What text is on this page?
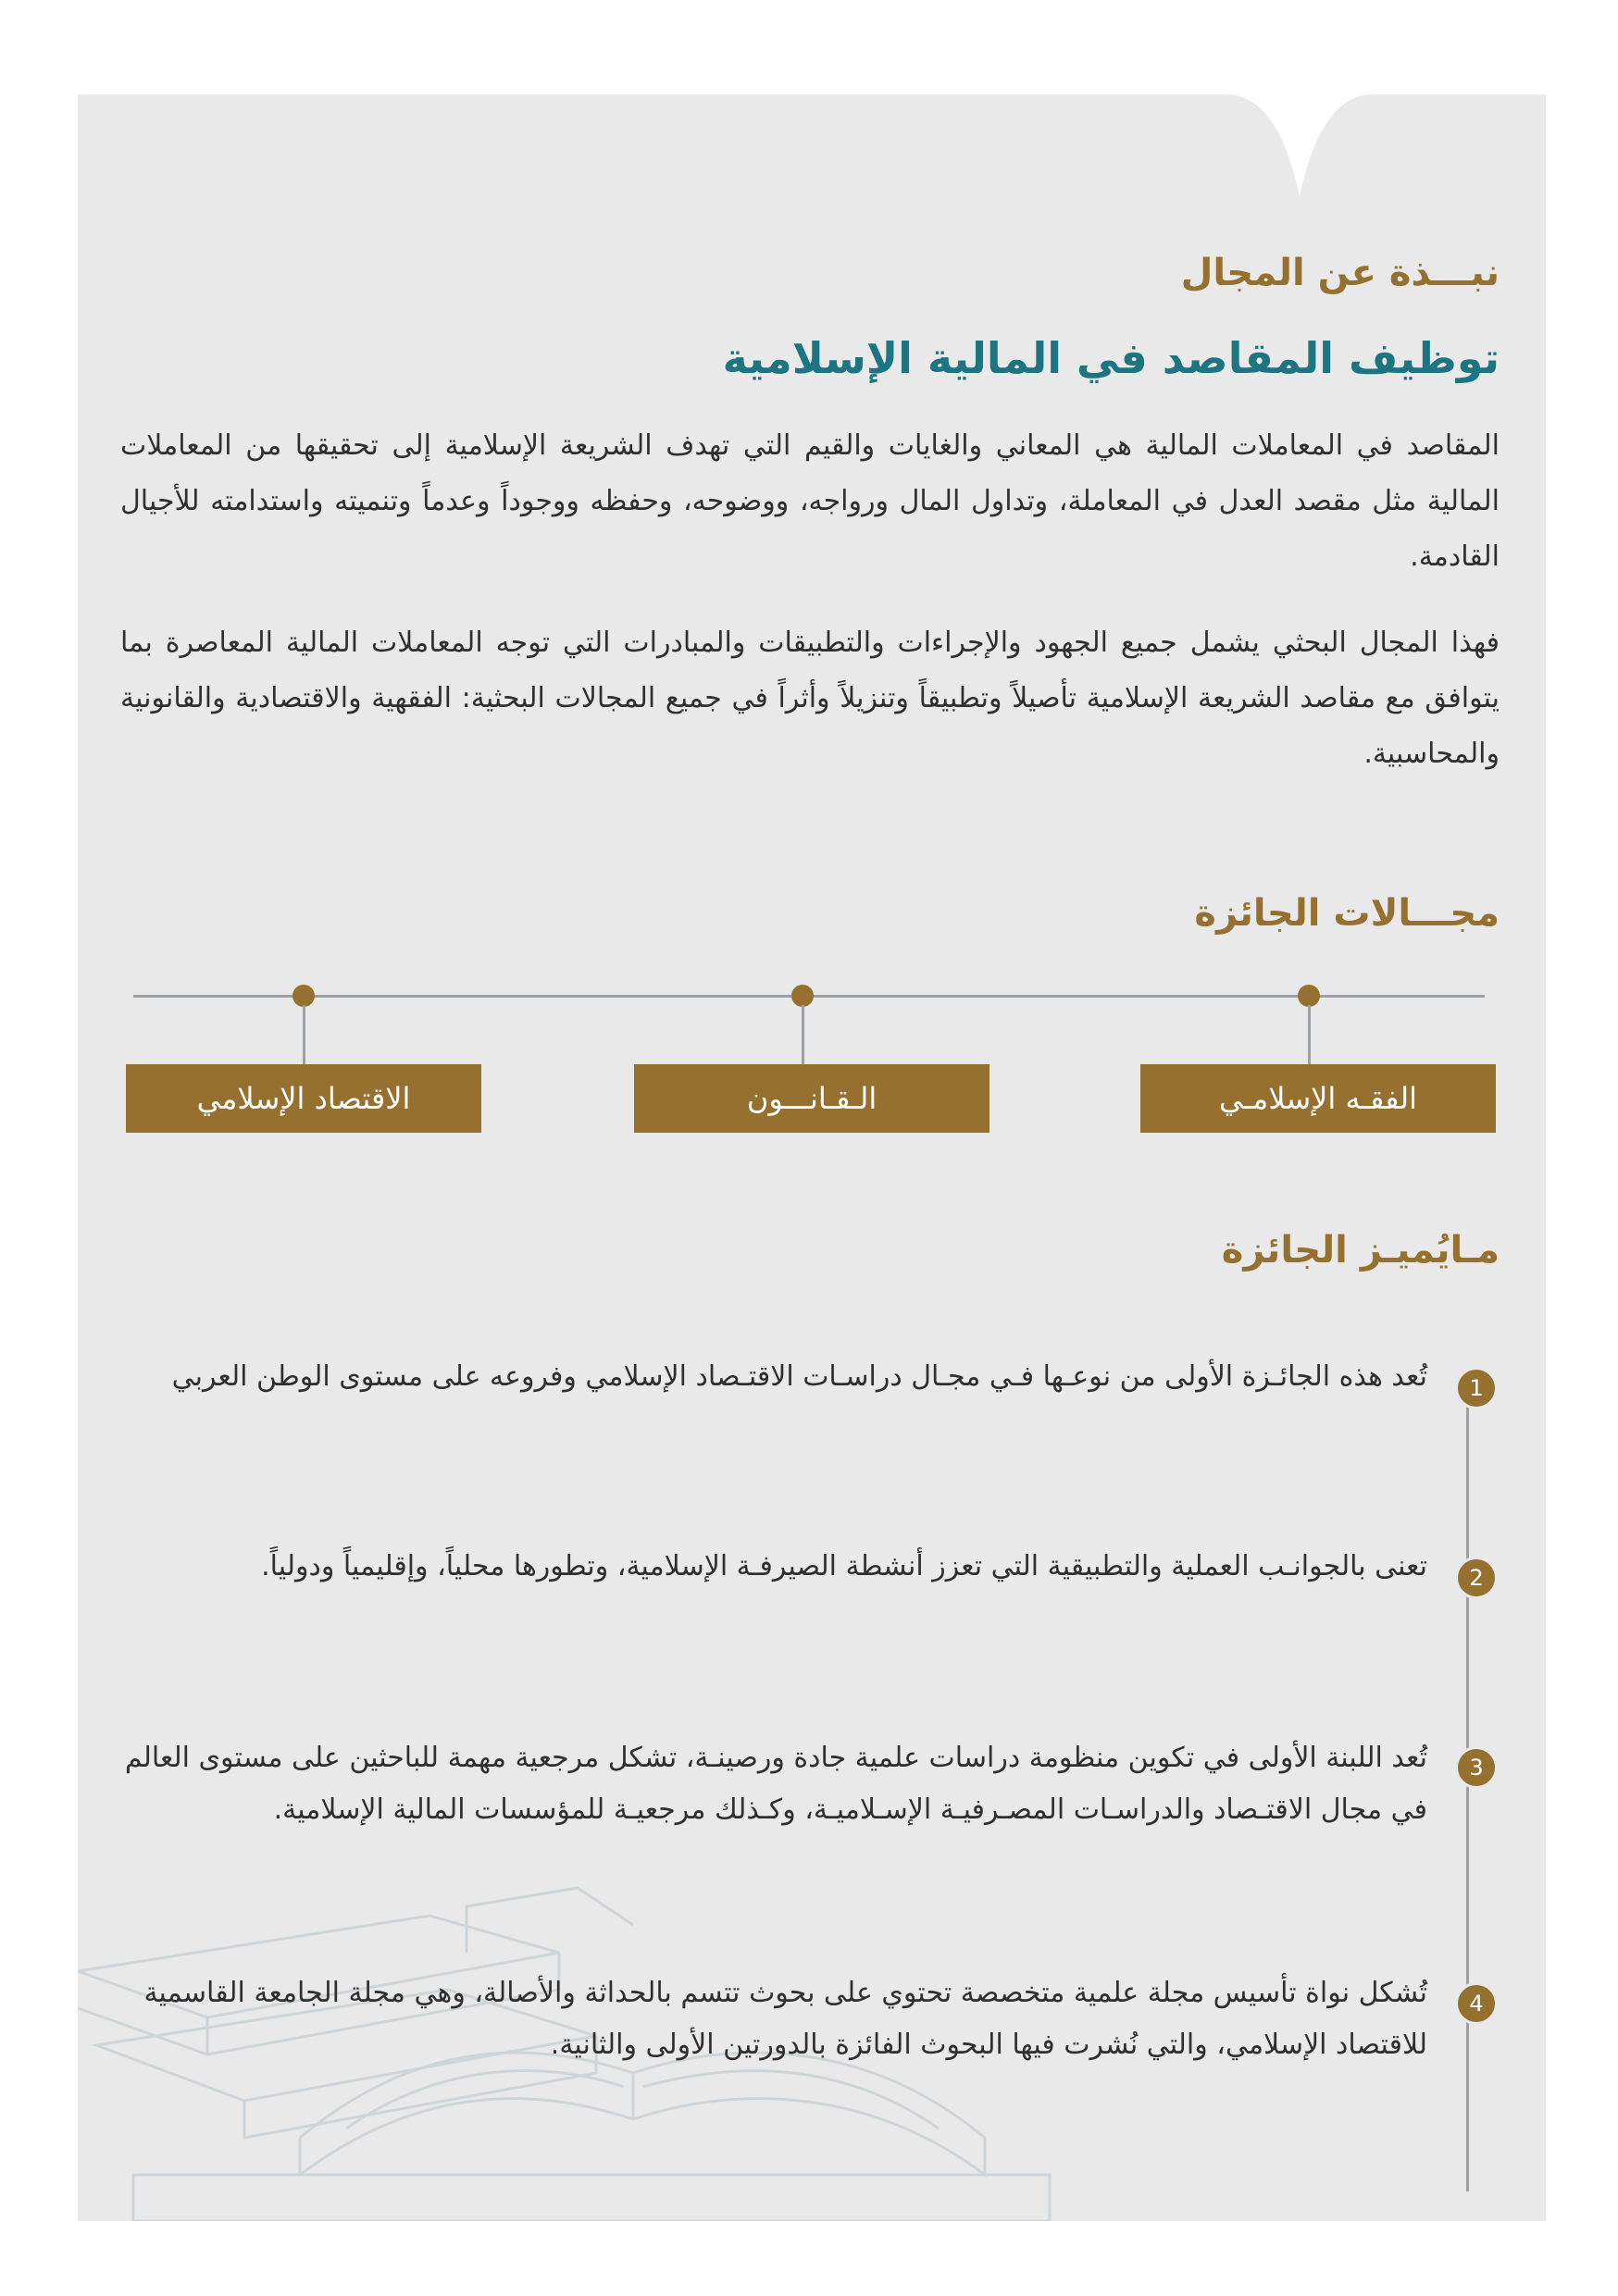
نبـــذة عن المجال
توظيف المقاصد في المالية الإسلامية

المقاصد في المعاملات المالية هي المعاني والغايات والقيم التي تهدف الشريعة الإسلامية إلى تحقيقها من المعاملات المالية مثل مقصد العدل في المعاملة، وتداول المال ورواجه، ووضوحه، وحفظه ووجوداً وعدماً وتنميته واستدامته للأجيال القادمة.

فهذا المجال البحثي يشمل جميع الجهود والإجراءات والتطبيقات والمبادرات التي توجه المعاملات المالية المعاصرة بما يتوافق مع مقاصد الشريعة الإسلامية تأصيلاً وتطبيقاً وتنزيلاً وأثراً في جميع المجالات البحثية: الفقهية والاقتصادية والقانونية والمحاسبية.

مجـــالات الجائزة
الفقـه الإسلامـي
الـقـانـــون
الاقتصاد الإسلامي
مـايُميـز الجائزة
1

تُعد هذه الجائـزة الأولى من نوعـها فـي مجـال دراسـات الاقتـصاد الإسلامي وفروعه على مستوى الوطن العربي

2

تعنى بالجوانـب العملية والتطبيقية التي تعزز أنشطة الصيرفـة الإسلامية، وتطورها محلياً، وإقليمياً ودولياً.

3

تُعد اللبنة الأولى في تكوين منظومة دراسات علمية جادة ورصينـة، تشكل مرجعية مهمة للباحثين على مستوى العالم في مجال الاقتـصاد والدراسـات المصـرفيـة الإسـلاميـة، وكـذلك مرجعيـة للمؤسسات المالية الإسلامية.

4

تُشكل نواة تأسيس مجلة علمية متخصصة تحتوي على بحوث تتسم بالحداثة والأصالة، وهي مجلة الجامعة القاسمية للاقتصاد الإسلامي، والتي نُشرت فيها البحوث الفائزة بالدورتين الأولى والثانية.
